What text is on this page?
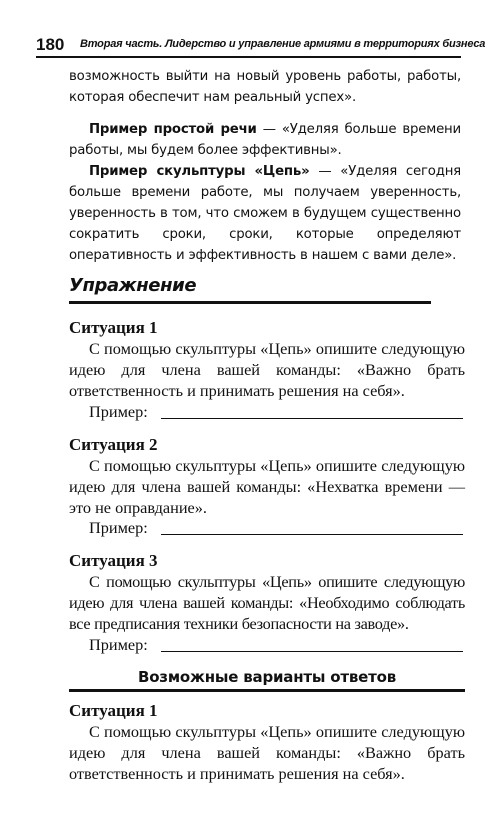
180 Вторая часть. Лидерство и управление армиями в территориях бизнеса

возможность выйти на новый уровень работы, работы, которая обеспечит нам реальный успех».

Пример простой речи — «Уделяя больше времени работы, мы будем более эффективны».

Пример скульптуры «Цепь» — «Уделяя сегодня больше времени работе, мы получаем уверенность, уверенность в том, что сможем в будущем существенно сократить сроки, сроки, которые определяют оперативность и эффективность в нашем с вами деле».

Упражнение
Ситуация 1

С помощью скульптуры «Цепь» опишите следующую идею для члена вашей команды: «Важно брать ответственность и принимать решения на себя».

Пример:
Ситуация 2

С помощью скульптуры «Цепь» опишите следующую идею для члена вашей команды: «Нехватка времени — это не оправдание».

Пример:
Ситуация 3

С помощью скульптуры «Цепь» опишите следующую идею для члена вашей команды: «Необходимо соблюдать все предписания техники безопасности на заводе».

Пример:
Возможные варианты ответов
Ситуация 1

С помощью скульптуры «Цепь» опишите следующую идею для члена вашей команды: «Важно брать ответственность и принимать решения на себя».
